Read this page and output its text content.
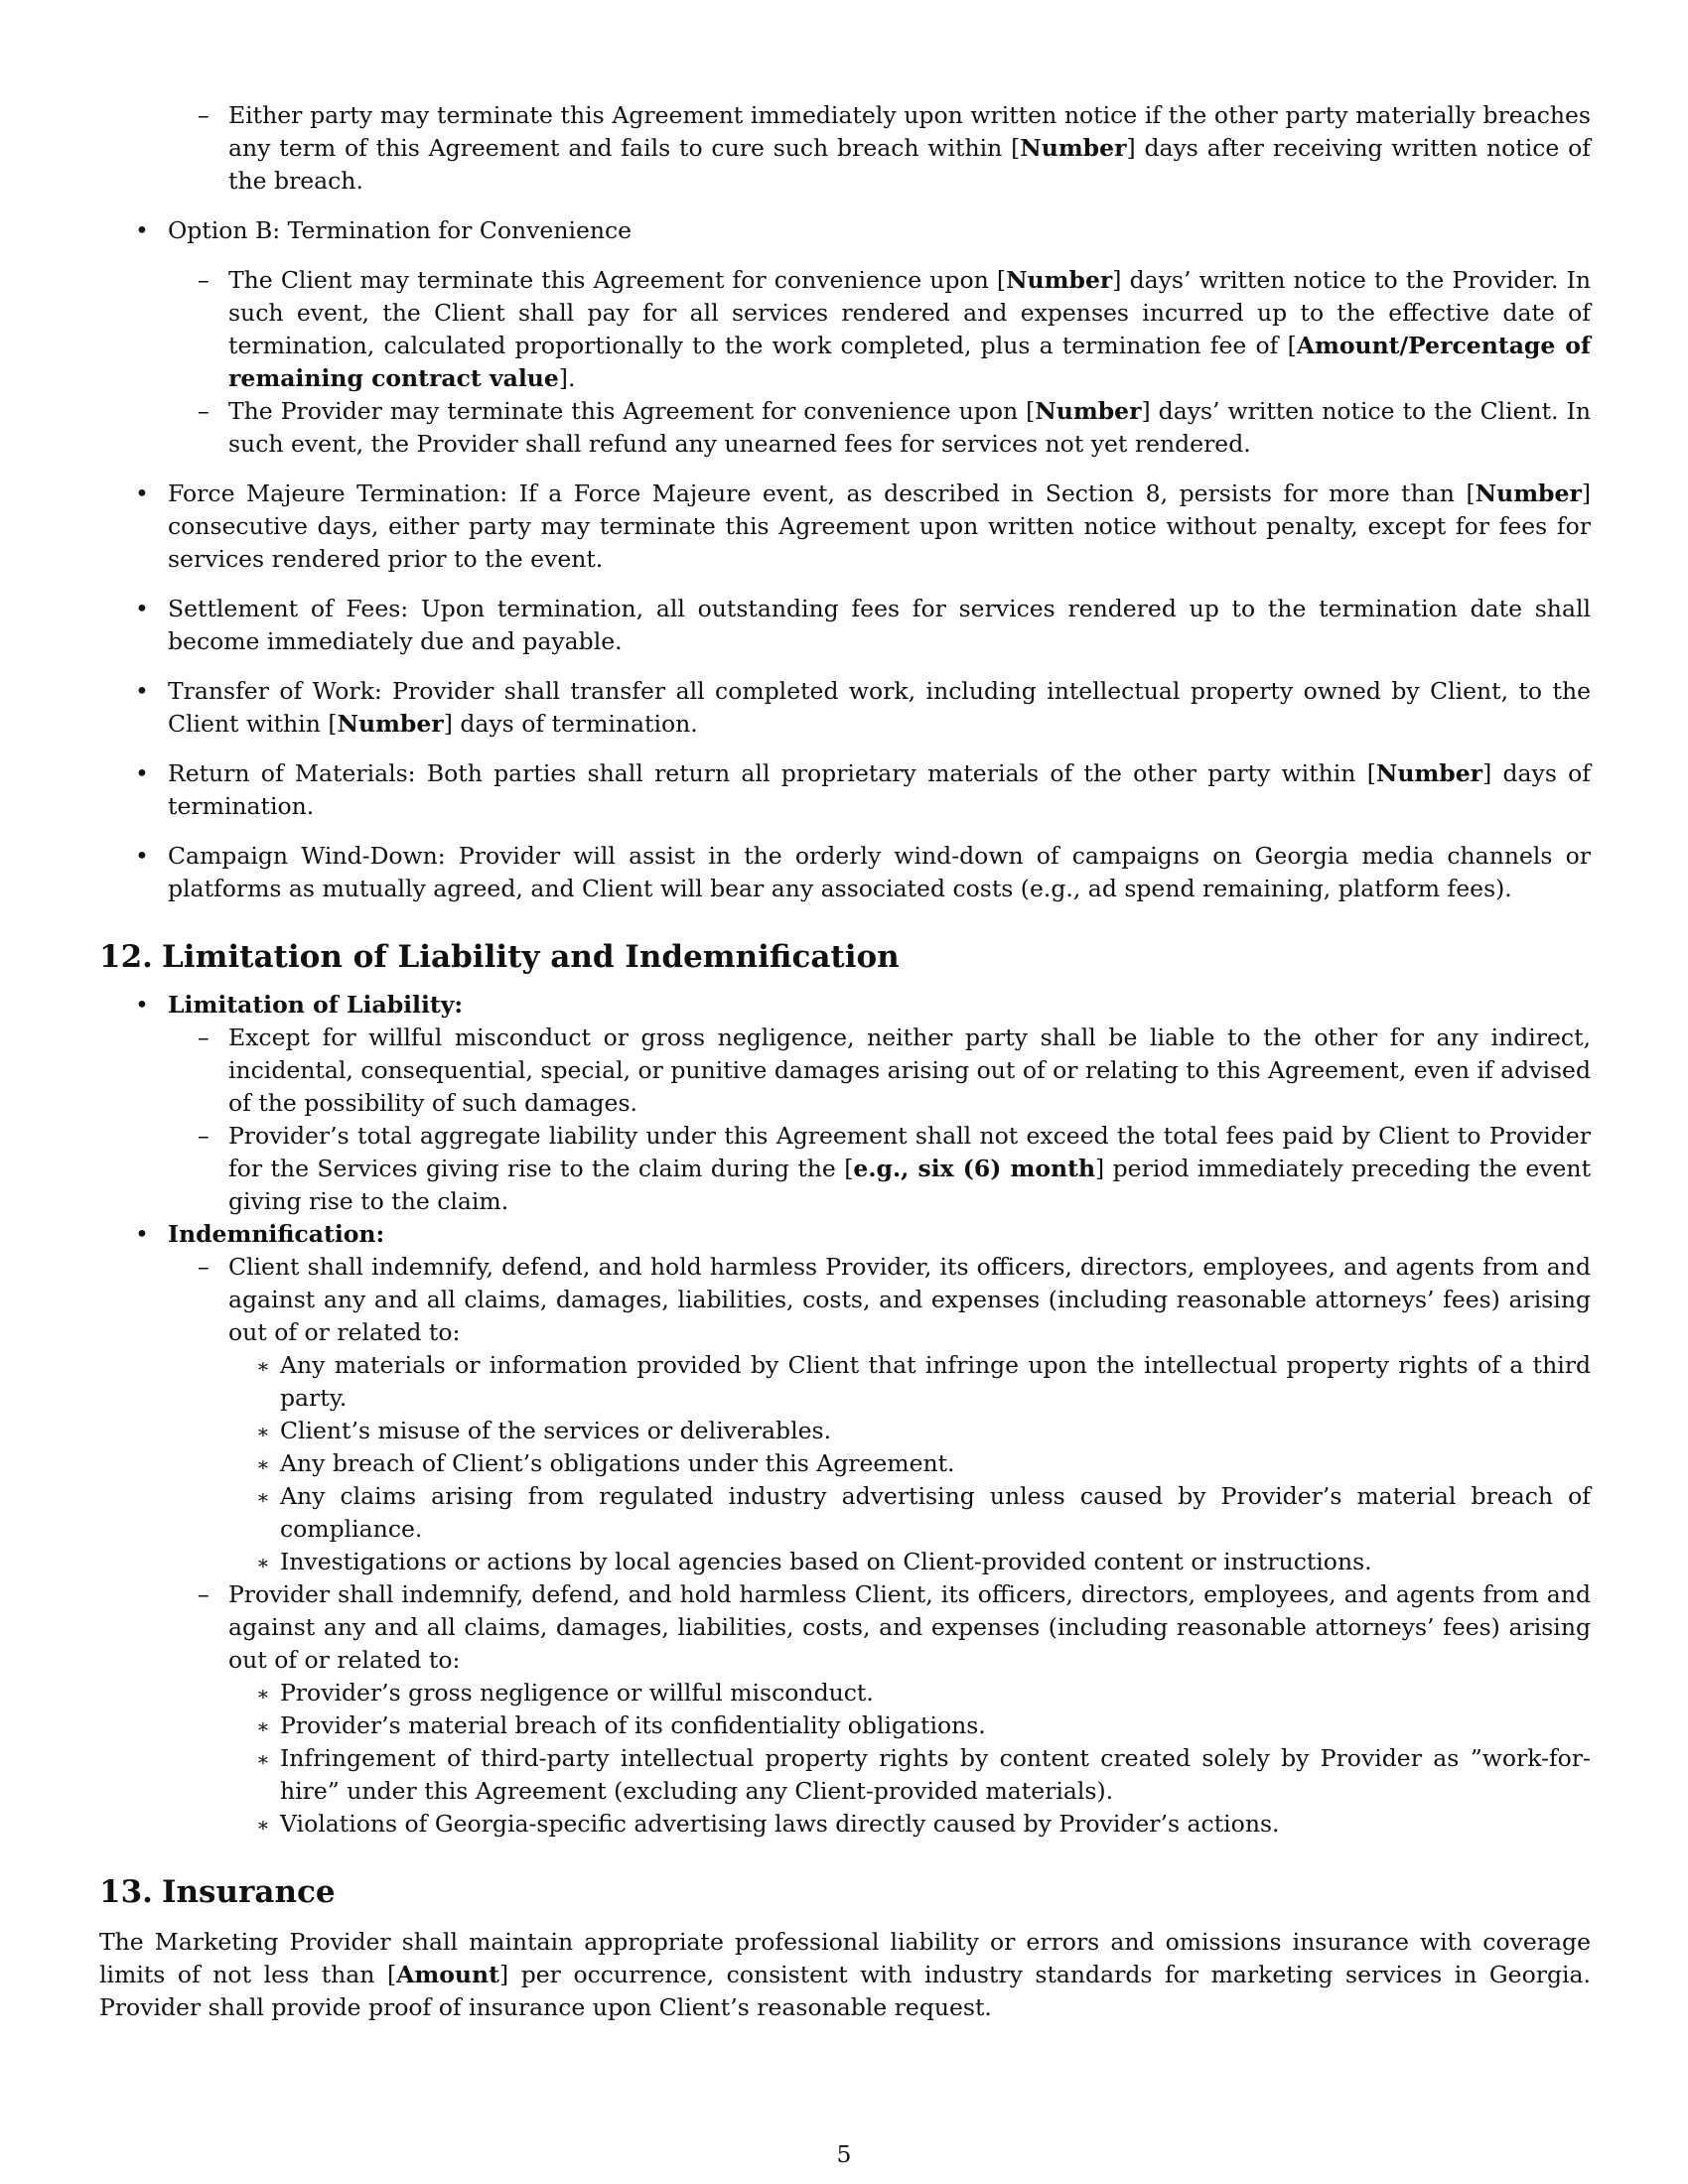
– Either party may terminate this Agreement immediately upon written notice if the other party materially breaches any term of this Agreement and fails to cure such breach within [Number] days after receiving written notice of the breach.
• Option B: Termination for Convenience
– The Client may terminate this Agreement for convenience upon [Number] days’ written notice to the Provider. In such event, the Client shall pay for all services rendered and expenses incurred up to the effective date of termination, calculated proportionally to the work completed, plus a termination fee of [Amount/Percentage of remaining contract value].
– The Provider may terminate this Agreement for convenience upon [Number] days’ written notice to the Client. In such event, the Provider shall refund any unearned fees for services not yet rendered.
• Force Majeure Termination: If a Force Majeure event, as described in Section 8, persists for more than [Number] consecutive days, either party may terminate this Agreement upon written notice without penalty, except for fees for services rendered prior to the event.
• Settlement of Fees: Upon termination, all outstanding fees for services rendered up to the termination date shall become immediately due and payable.
• Transfer of Work: Provider shall transfer all completed work, including intellectual property owned by Client, to the Client within [Number] days of termination.
• Return of Materials: Both parties shall return all proprietary materials of the other party within [Number] days of termination.
• Campaign Wind-Down: Provider will assist in the orderly wind-down of campaigns on Georgia media channels or platforms as mutually agreed, and Client will bear any associated costs (e.g., ad spend remaining, platform fees).
12. Limitation of Liability and Indemnification
• Limitation of Liability:
– Except for willful misconduct or gross negligence, neither party shall be liable to the other for any indirect, incidental, consequential, special, or punitive damages arising out of or relating to this Agreement, even if advised of the possibility of such damages.
– Provider’s total aggregate liability under this Agreement shall not exceed the total fees paid by Client to Provider for the Services giving rise to the claim during the [e.g., six (6) month] period immediately preceding the event giving rise to the claim.
• Indemnification:
– Client shall indemnify, defend, and hold harmless Provider, its officers, directors, employees, and agents from and against any and all claims, damages, liabilities, costs, and expenses (including reasonable attorneys’ fees) arising out of or related to:
∗ Any materials or information provided by Client that infringe upon the intellectual property rights of a third party.
∗ Client’s misuse of the services or deliverables.
∗ Any breach of Client’s obligations under this Agreement.
∗ Any claims arising from regulated industry advertising unless caused by Provider’s material breach of compliance.
∗ Investigations or actions by local agencies based on Client-provided content or instructions.
– Provider shall indemnify, defend, and hold harmless Client, its officers, directors, employees, and agents from and against any and all claims, damages, liabilities, costs, and expenses (including reasonable attorneys’ fees) arising out of or related to:
∗ Provider’s gross negligence or willful misconduct.
∗ Provider’s material breach of its confidentiality obligations.
∗ Infringement of third-party intellectual property rights by content created solely by Provider as ”work-for-hire” under this Agreement (excluding any Client-provided materials).
∗ Violations of Georgia-specific advertising laws directly caused by Provider’s actions.
13. Insurance

The Marketing Provider shall maintain appropriate professional liability or errors and omissions insurance with coverage limits of not less than [Amount] per occurrence, consistent with industry standards for marketing services in Georgia. Provider shall provide proof of insurance upon Client’s reasonable request.

5
